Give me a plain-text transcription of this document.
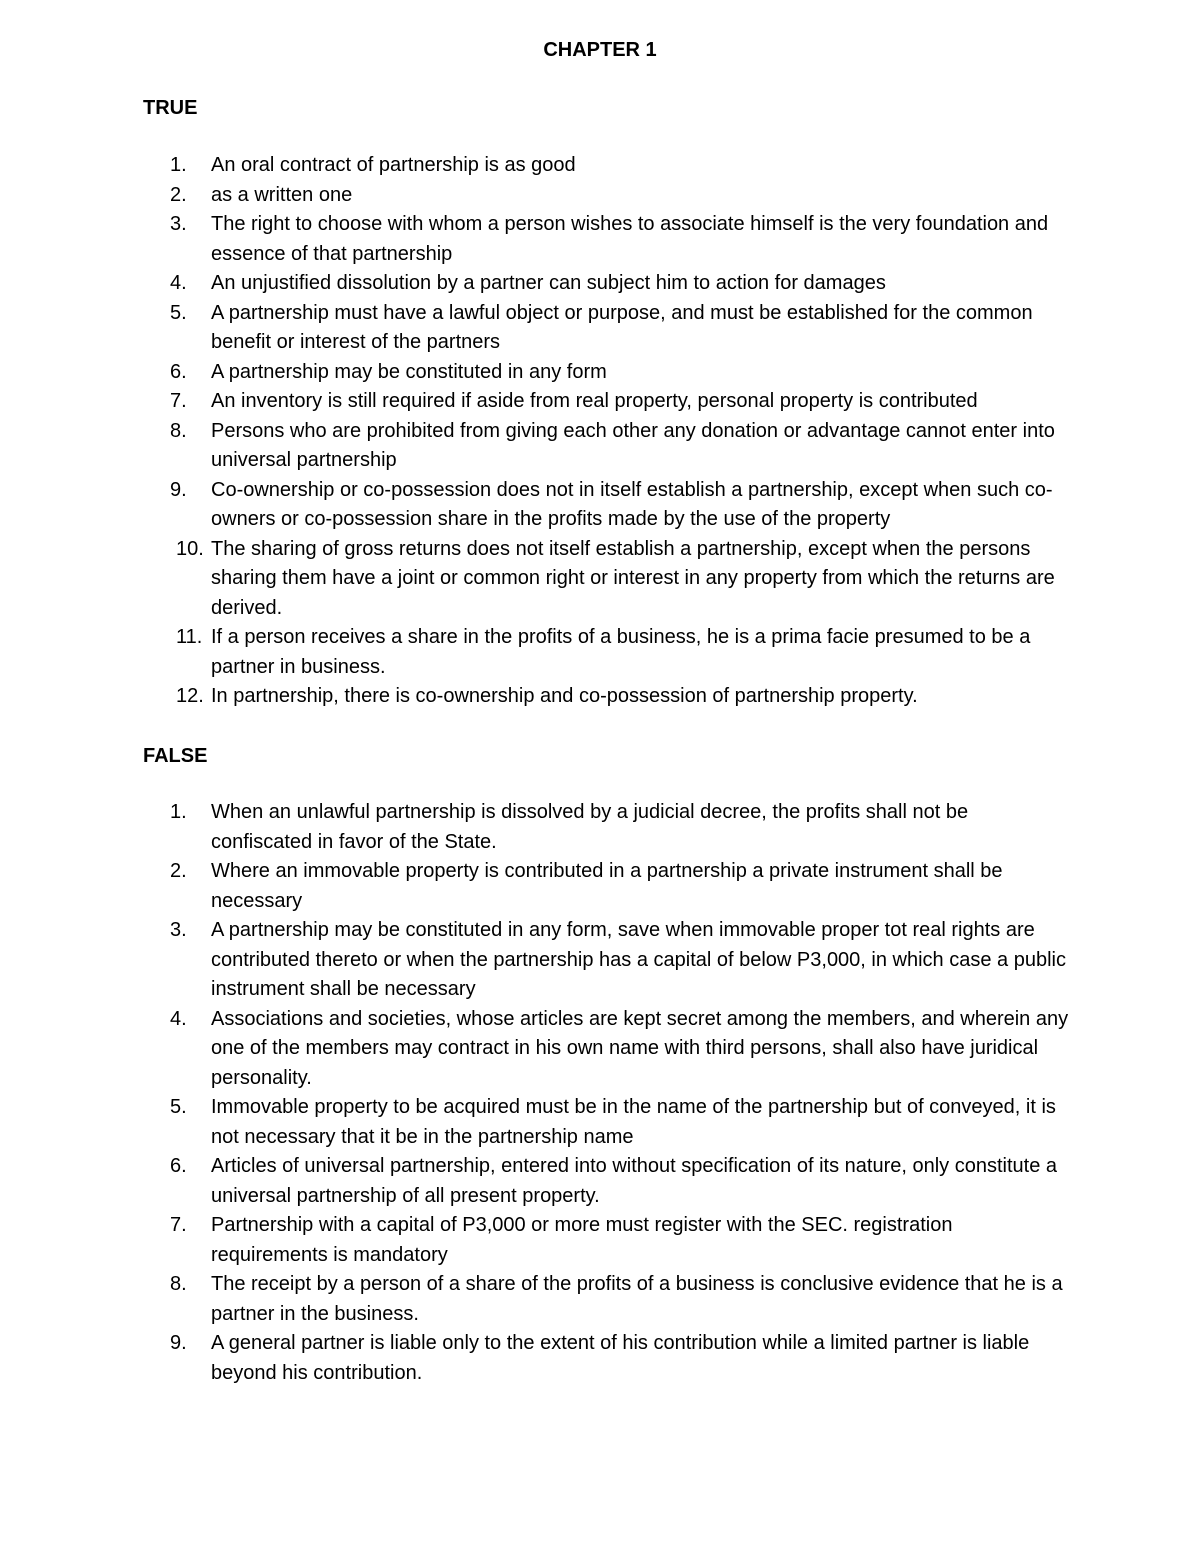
CHAPTER 1
TRUE
1.	An oral contract of partnership is as good
2.	as a written one
3.	The right to choose with whom a person wishes to associate himself is the very foundation and essence of that partnership
4.	An unjustified dissolution by a partner can subject him to action for damages
5.	A partnership must have a lawful object or purpose, and must be established for the common benefit or interest of the partners
6.	A partnership may be constituted in any form
7.	An inventory is still required if aside from real property, personal property is contributed
8.	Persons who are prohibited from giving each other any donation or advantage cannot enter into universal partnership
9.	Co-ownership or co-possession does not in itself establish a partnership, except when such co-owners or co-possession share in the profits made by the use of the property
10. The sharing of gross returns does not itself establish a partnership, except when the persons sharing them have a joint or common right or interest in any property from which the returns are derived.
11. If a person receives a share in the profits of a business, he is a prima facie presumed to be a partner in business.
12. In partnership, there is co-ownership and co-possession of partnership property.
FALSE
1.	When an unlawful partnership is dissolved by a judicial decree, the profits shall not be confiscated in favor of the State.
2.	Where an immovable property is contributed in a partnership a private instrument shall be necessary
3.	A partnership may be constituted in any form, save when immovable proper tot real rights are contributed thereto or when the partnership has a capital of below P3,000, in which case a public instrument shall be necessary
4.	Associations and societies, whose articles are kept secret among the members, and wherein any one of the members may contract in his own name with third persons, shall also have juridical personality.
5.	Immovable property to be acquired must be in the name of the partnership but of conveyed, it is not necessary that it be in the partnership name
6.	Articles of universal partnership, entered into without specification of its nature, only constitute a universal partnership of all present property.
7.	Partnership with a capital of P3,000 or more must register with the SEC. registration requirements is mandatory
8.	The receipt by a person of a share of the profits of a business is conclusive evidence that he is a partner in the business.
9.	A general partner is liable only to the extent of his contribution while a limited partner is liable beyond his contribution.
